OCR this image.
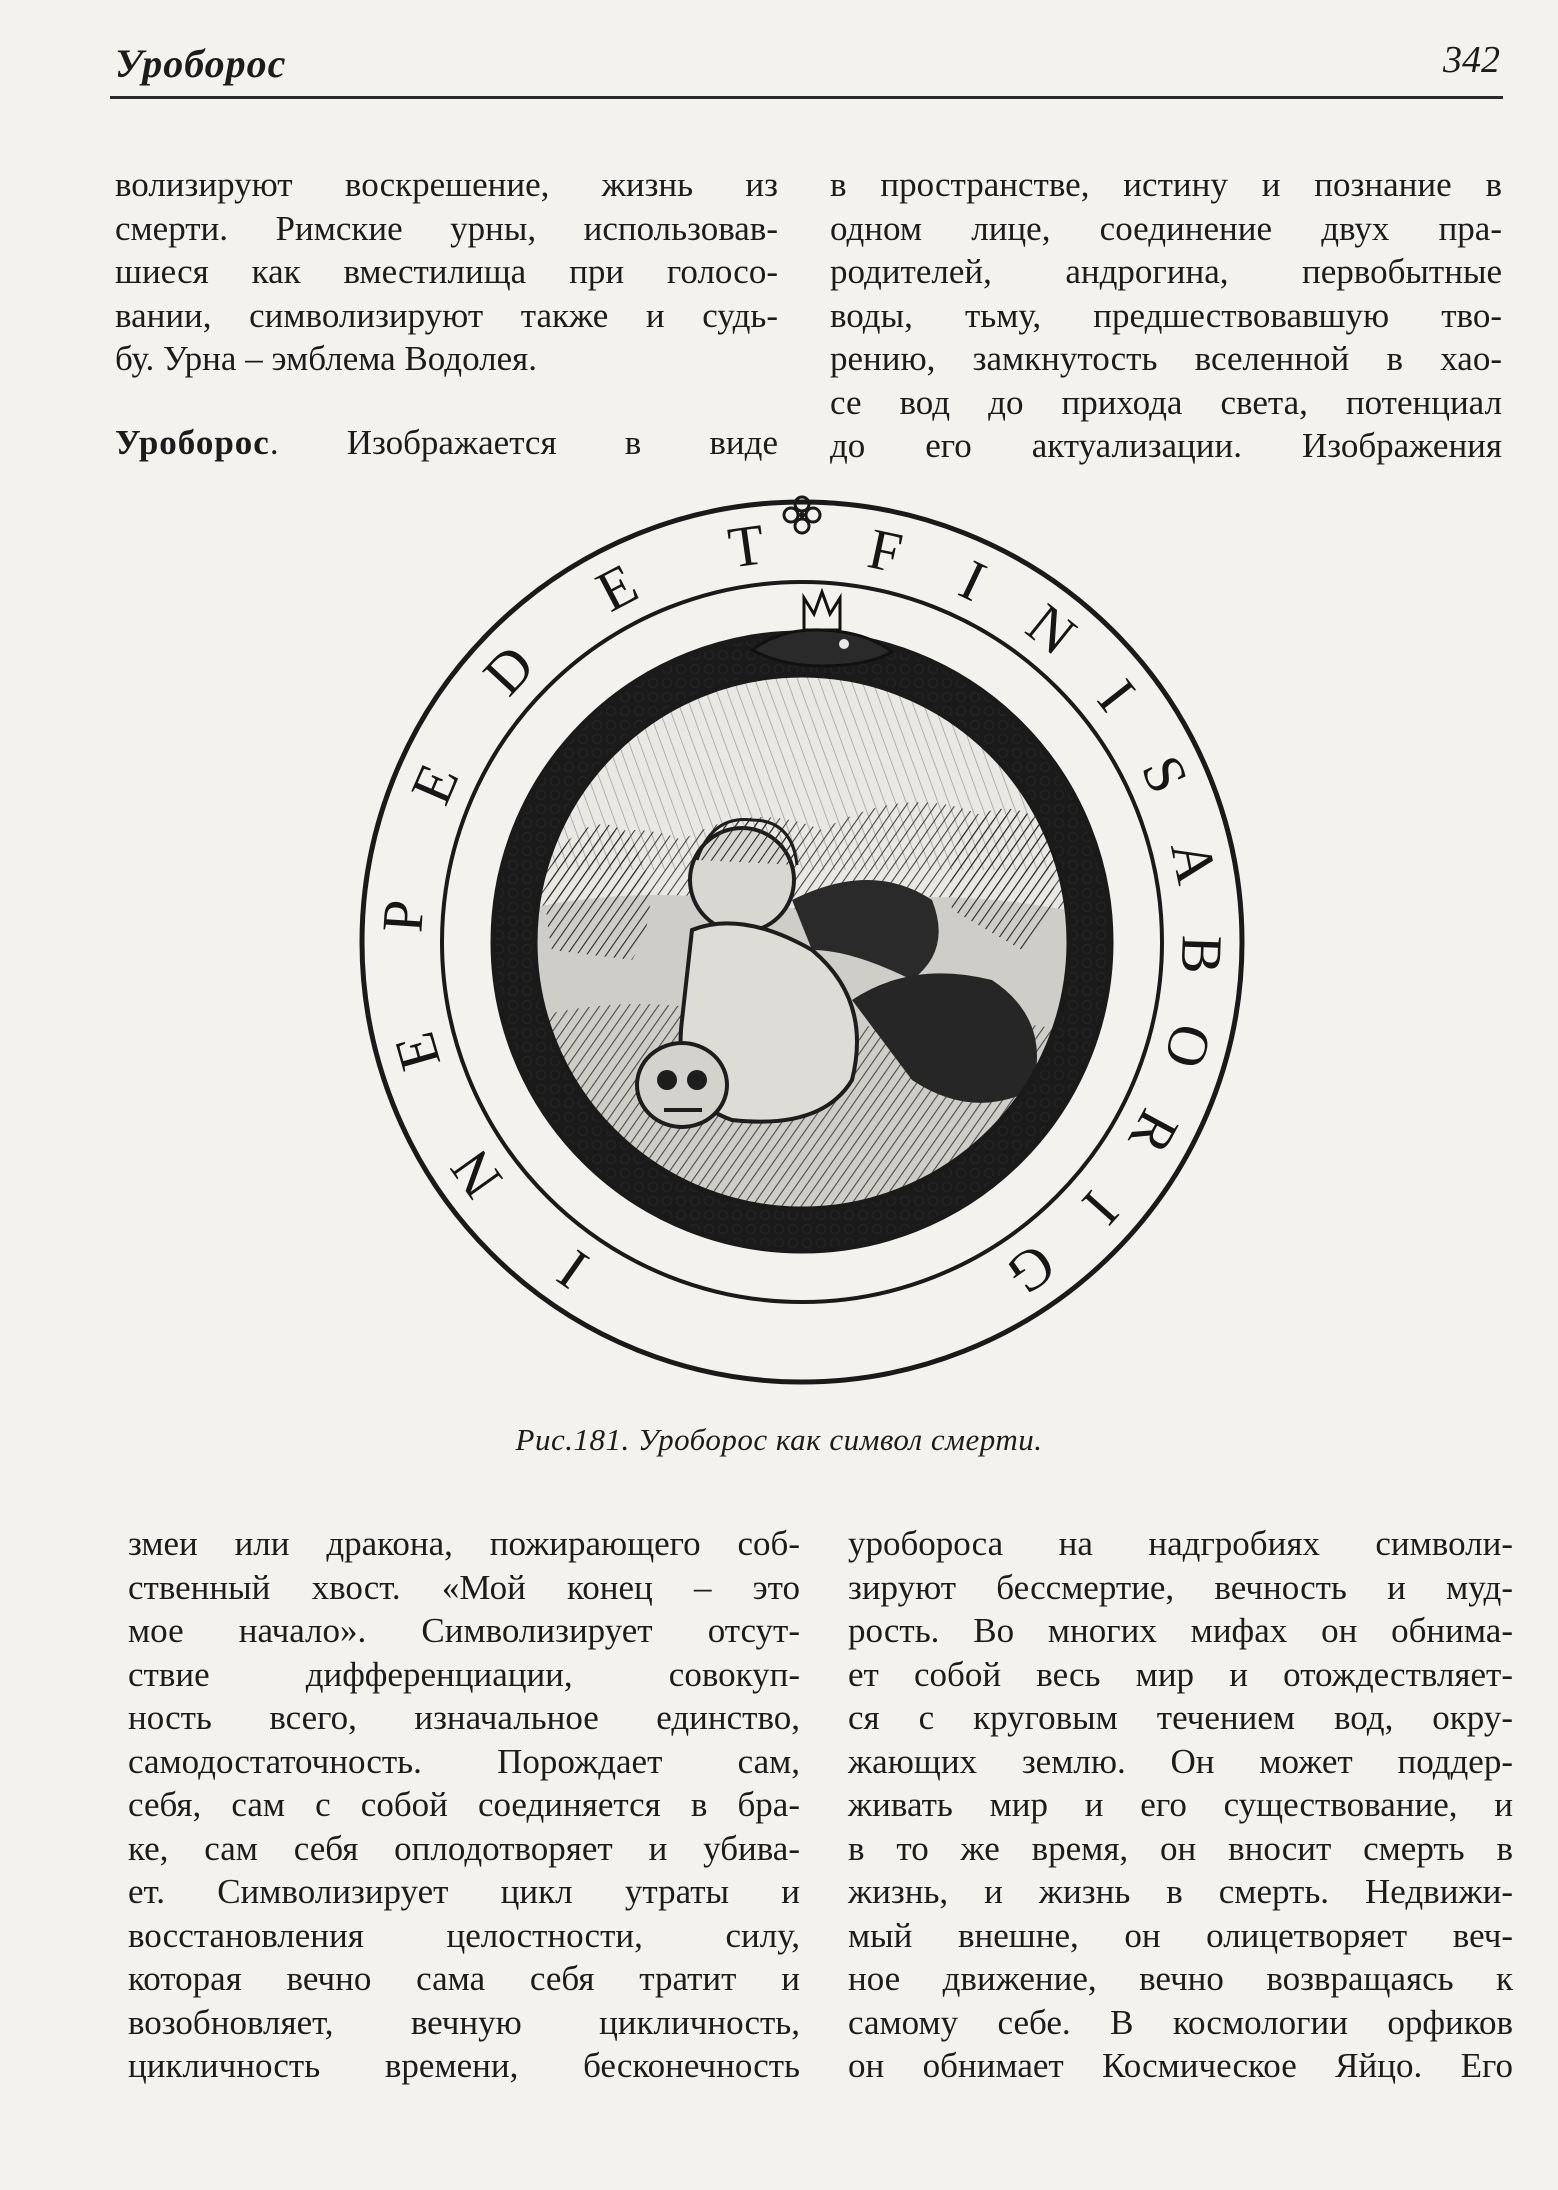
Уроборос	342
волизируют воскрешение, жизнь из
смерти. Римские урны, использовав-
шиеся как вместилища при голосо-
вании, символизируют также и судь-
бу. Урна – эмблема Водолея.
Уроборос. Изображается в виде
в пространстве, истину и познание в
одном лице, соединение двух пра-
родителей, андрогина, первобытные
воды, тьму, предшествовавшую тво-
рению, замкнутость вселенной в хао-
се вод до прихода света, потенциал
до его актуализации. Изображения
I
N
E
P
E
D
E
T F I
N
I
S
A
B
O
R
I
G
Рис.181. Уроборос как символ смерти.
змеи или дракона, пожирающего соб-
ственный хвост. «Мой конец – это
мое начало». Символизирует отсут-
ствие дифференциации, совокуп-
ность всего, изначальное единство,
самодостаточность. Порождает сам,
себя, сам с собой соединяется в бра-
ке, сам себя оплодотворяет и убива-
ет. Символизирует цикл утраты и
восстановления целостности, силу,
которая вечно сама себя тратит и
возобновляет, вечную цикличность,
цикличность времени, бесконечность
уробороса на надгробиях символи-
зируют бессмертие, вечность и муд-
рость. Во многих мифах он обнима-
ет собой весь мир и отождествляет-
ся с круговым течением вод, окру-
жающих землю. Он может поддер-
живать мир и его существование, и
в то же время, он вносит смерть в
жизнь, и жизнь в смерть. Недвижи-
мый внешне, он олицетворяет веч-
ное движение, вечно возвращаясь к
самому себе. В космологии орфиков
он обнимает Космическое Яйцо. Его
